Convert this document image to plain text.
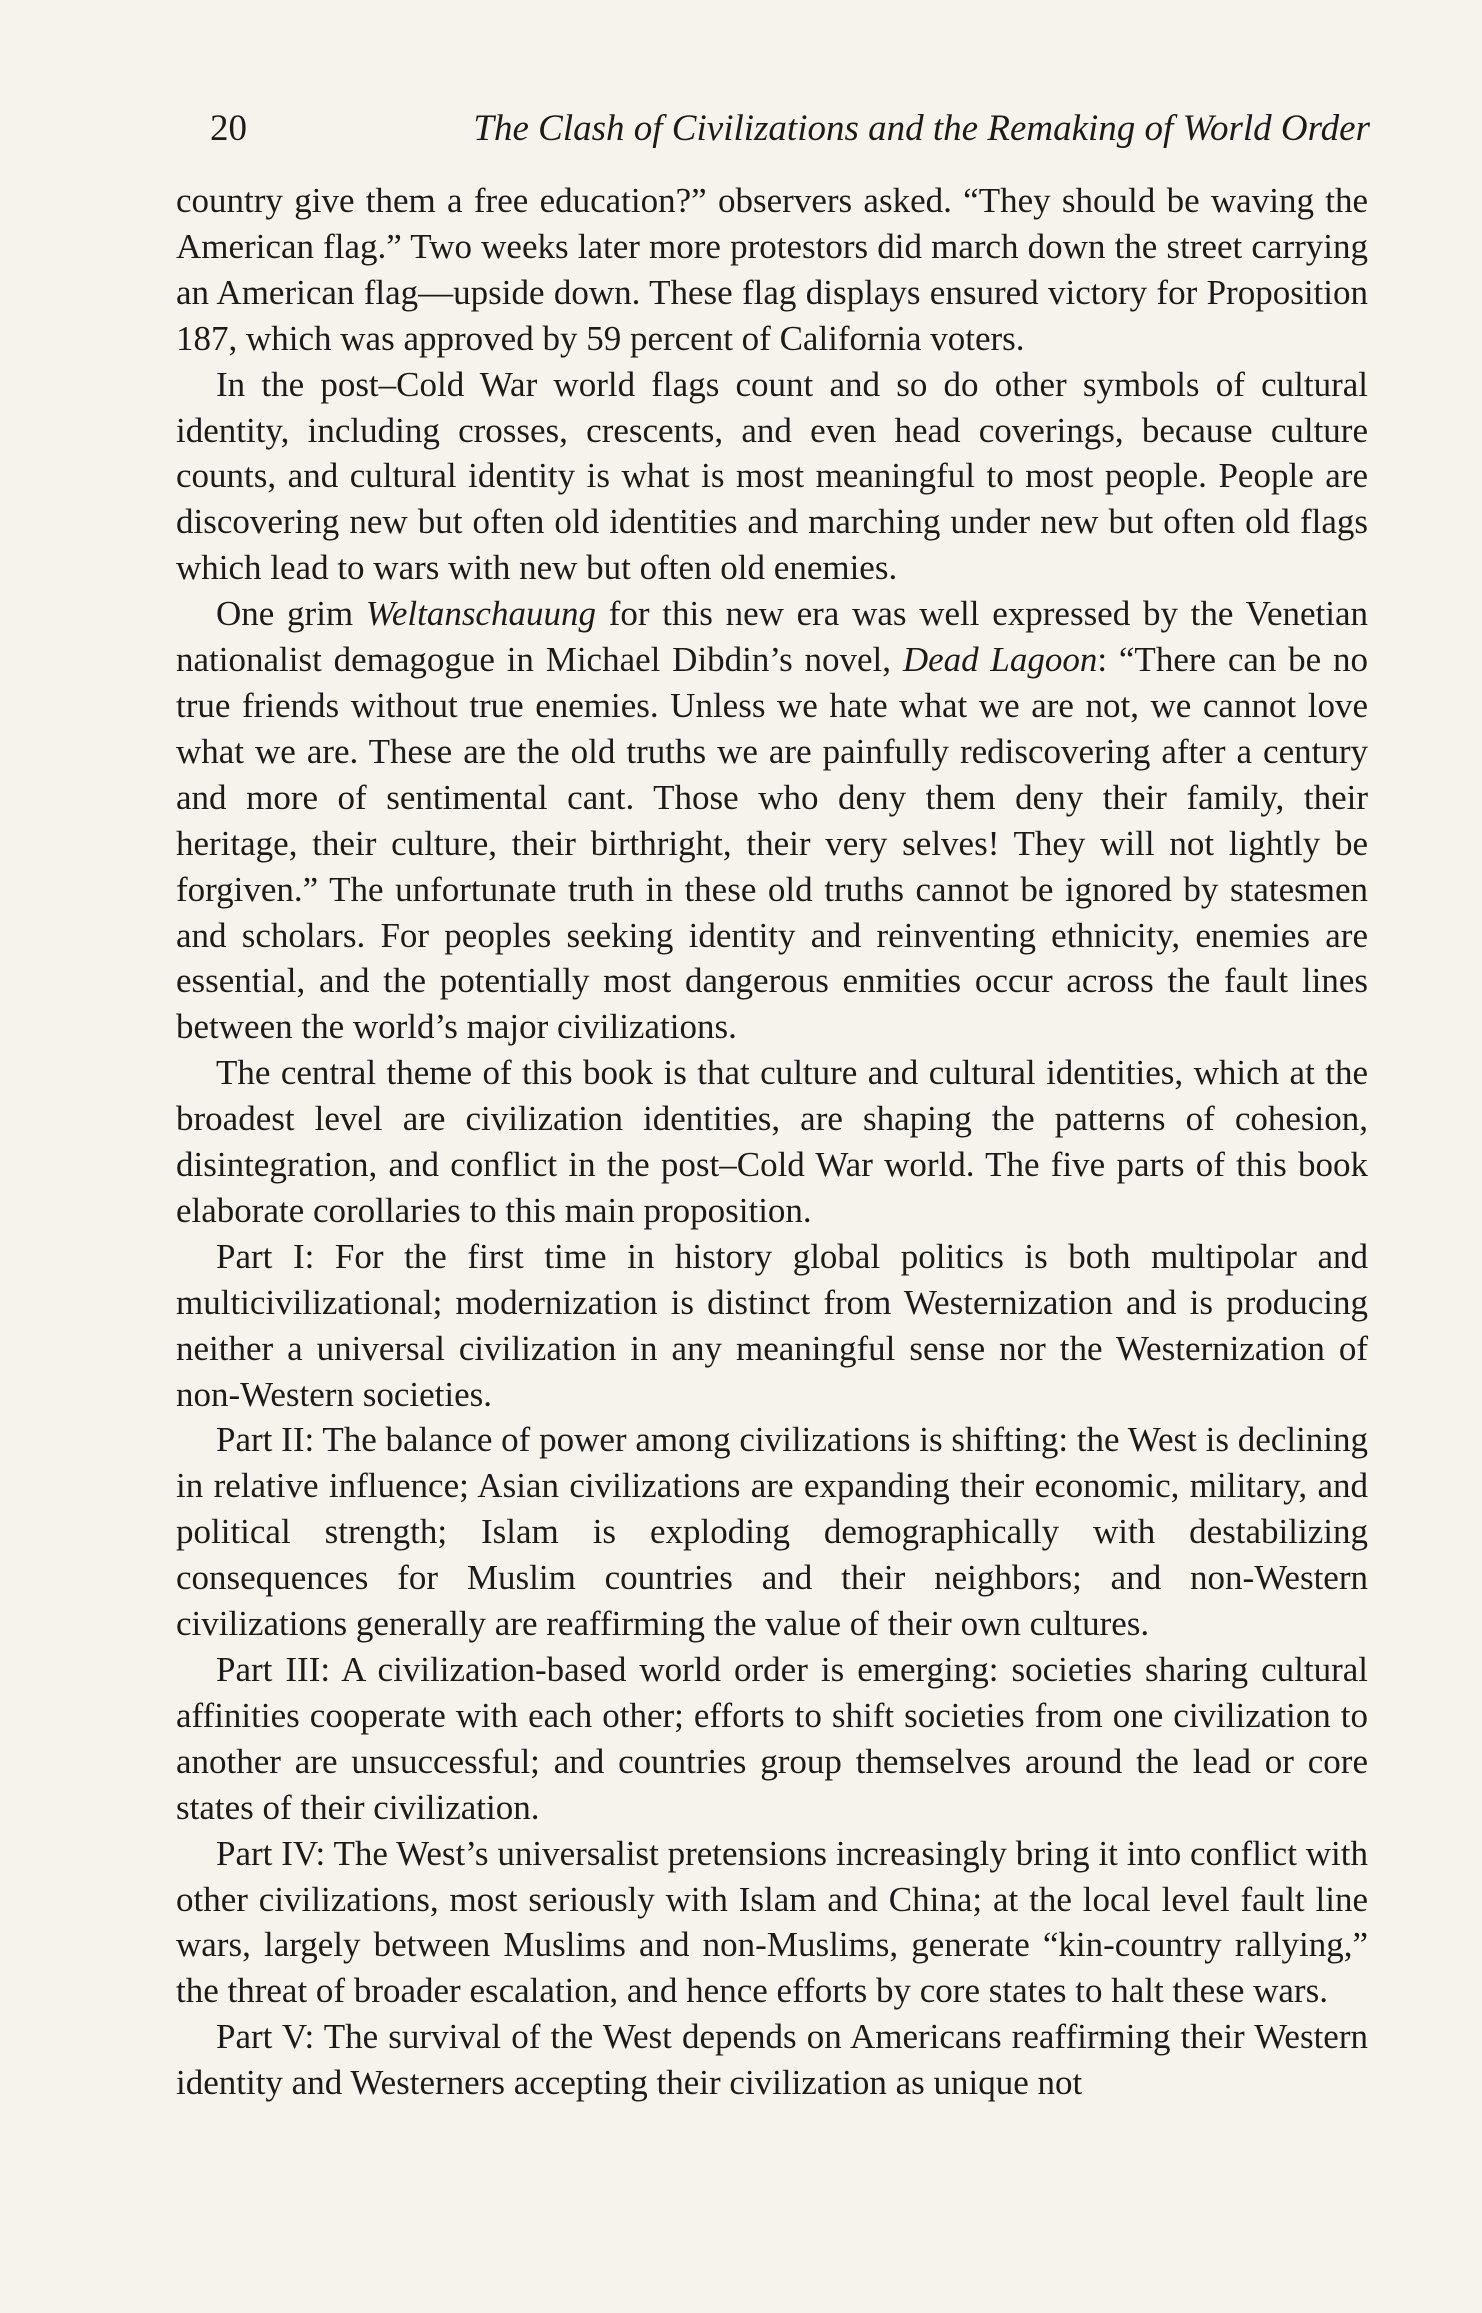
20	The Clash of Civilizations and the Remaking of World Order

country give them a free education?” observers asked. “They should be waving the American flag.” Two weeks later more protestors did march down the street carrying an American flag—upside down. These flag displays ensured victory for Proposition 187, which was approved by 59 percent of California voters.

In the post–Cold War world flags count and so do other symbols of cultural identity, including crosses, crescents, and even head coverings, because culture counts, and cultural identity is what is most meaningful to most people. People are discovering new but often old identities and marching under new but often old flags which lead to wars with new but often old enemies.

One grim Weltanschauung for this new era was well expressed by the Venetian nationalist demagogue in Michael Dibdin’s novel, Dead Lagoon: “There can be no true friends without true enemies. Unless we hate what we are not, we cannot love what we are. These are the old truths we are painfully rediscovering after a century and more of sentimental cant. Those who deny them deny their family, their heritage, their culture, their birthright, their very selves! They will not lightly be forgiven.” The unfortunate truth in these old truths cannot be ignored by statesmen and scholars. For peoples seeking identity and reinventing ethnicity, enemies are essential, and the potentially most dangerous enmities occur across the fault lines between the world’s major civilizations.

The central theme of this book is that culture and cultural identities, which at the broadest level are civilization identities, are shaping the patterns of cohesion, disintegration, and conflict in the post–Cold War world. The five parts of this book elaborate corollaries to this main proposition.

Part I: For the first time in history global politics is both multipolar and multicivilizational; modernization is distinct from Westernization and is producing neither a universal civilization in any meaningful sense nor the Westernization of non-Western societies.

Part II: The balance of power among civilizations is shifting: the West is declining in relative influence; Asian civilizations are expanding their economic, military, and political strength; Islam is exploding demographically with destabilizing consequences for Muslim countries and their neighbors; and non-Western civilizations generally are reaffirming the value of their own cultures.

Part III: A civilization-based world order is emerging: societies sharing cultural affinities cooperate with each other; efforts to shift societies from one civilization to another are unsuccessful; and countries group themselves around the lead or core states of their civilization.

Part IV: The West’s universalist pretensions increasingly bring it into conflict with other civilizations, most seriously with Islam and China; at the local level fault line wars, largely between Muslims and non-Muslims, generate “kin-country rallying,” the threat of broader escalation, and hence efforts by core states to halt these wars.

Part V: The survival of the West depends on Americans reaffirming their Western identity and Westerners accepting their civilization as unique not
